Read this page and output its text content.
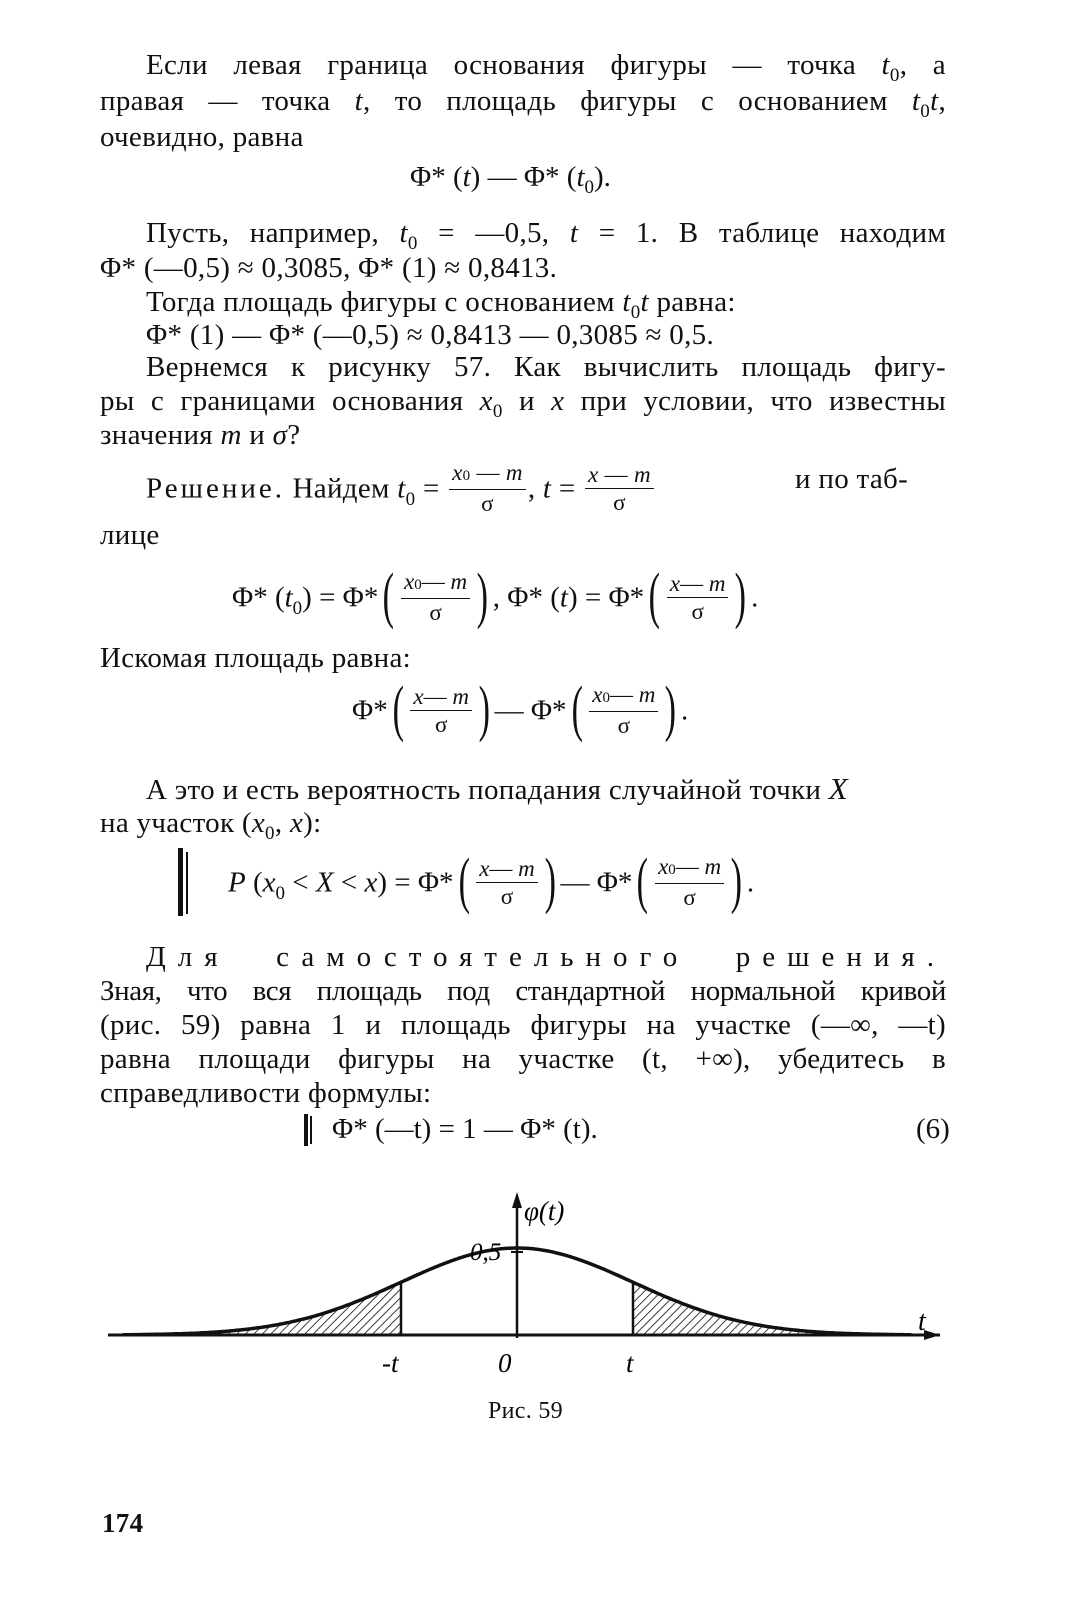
Если левая граница основания фигуры — точка $t_0$, а
правая — точка t, то площадь фигуры с основанием $t_0t$,
очевидно, равна
Φ* (t) — Φ* $(t_0)$.
Пусть, например, $t_0$ = —0,5, t = 1. В таблице находим
Φ* (—0,5) ≈ 0,3085, Φ* (1) ≈ 0,8413.
Тогда площадь фигуры с основанием $t_0t$ равна:
Φ* (1) — Φ* (—0,5) ≈ 0,8413 — 0,3085 ≈ 0,5.
Вернемся к рисунку 57. Как вычислить площадь фигу-
ры с границами основания $x_0$ и x при условии, что известны
значения m и σ?
Решение. Найдем $t_0 = \frac{x0 — m}{\sigma}$ , $t = \frac{x — m}{\sigma}$	и по таб-
лице
Φ* $(t_0) = \Phi*( \frac{x0— m}{\sigma}$ ) , Φ* $(t) = \Phi*( \frac{x— m}{\sigma}$ ) .
Искомая площадь равна:
$\Phi*( \frac{x— m}{\sigma}$ ) — $\Phi*( \frac{x0— m}{\sigma}$ ) .
А это и есть вероятность попадания случайной точки X
на участок ($x_0$, x):
P $(x_0 < X < x) = \Phi*( \frac{x— m}{\sigma}$ ) — $\Phi*( \frac{x0— m}{\sigma}$ ) .
Для самостоятельного решения.
Зная, что вся площадь под стандартной нормальной кривой
(рис. 59) равна 1 и площадь фигуры на участке (—∞, —t)
равна площади фигуры на участке (t, +∞), убедитесь в
справедливости формулы:
Φ* (—t) = 1 — Φ* (t).	(6)
φ(t)
0,5
t
-t	0	t
Рис. 59
174
